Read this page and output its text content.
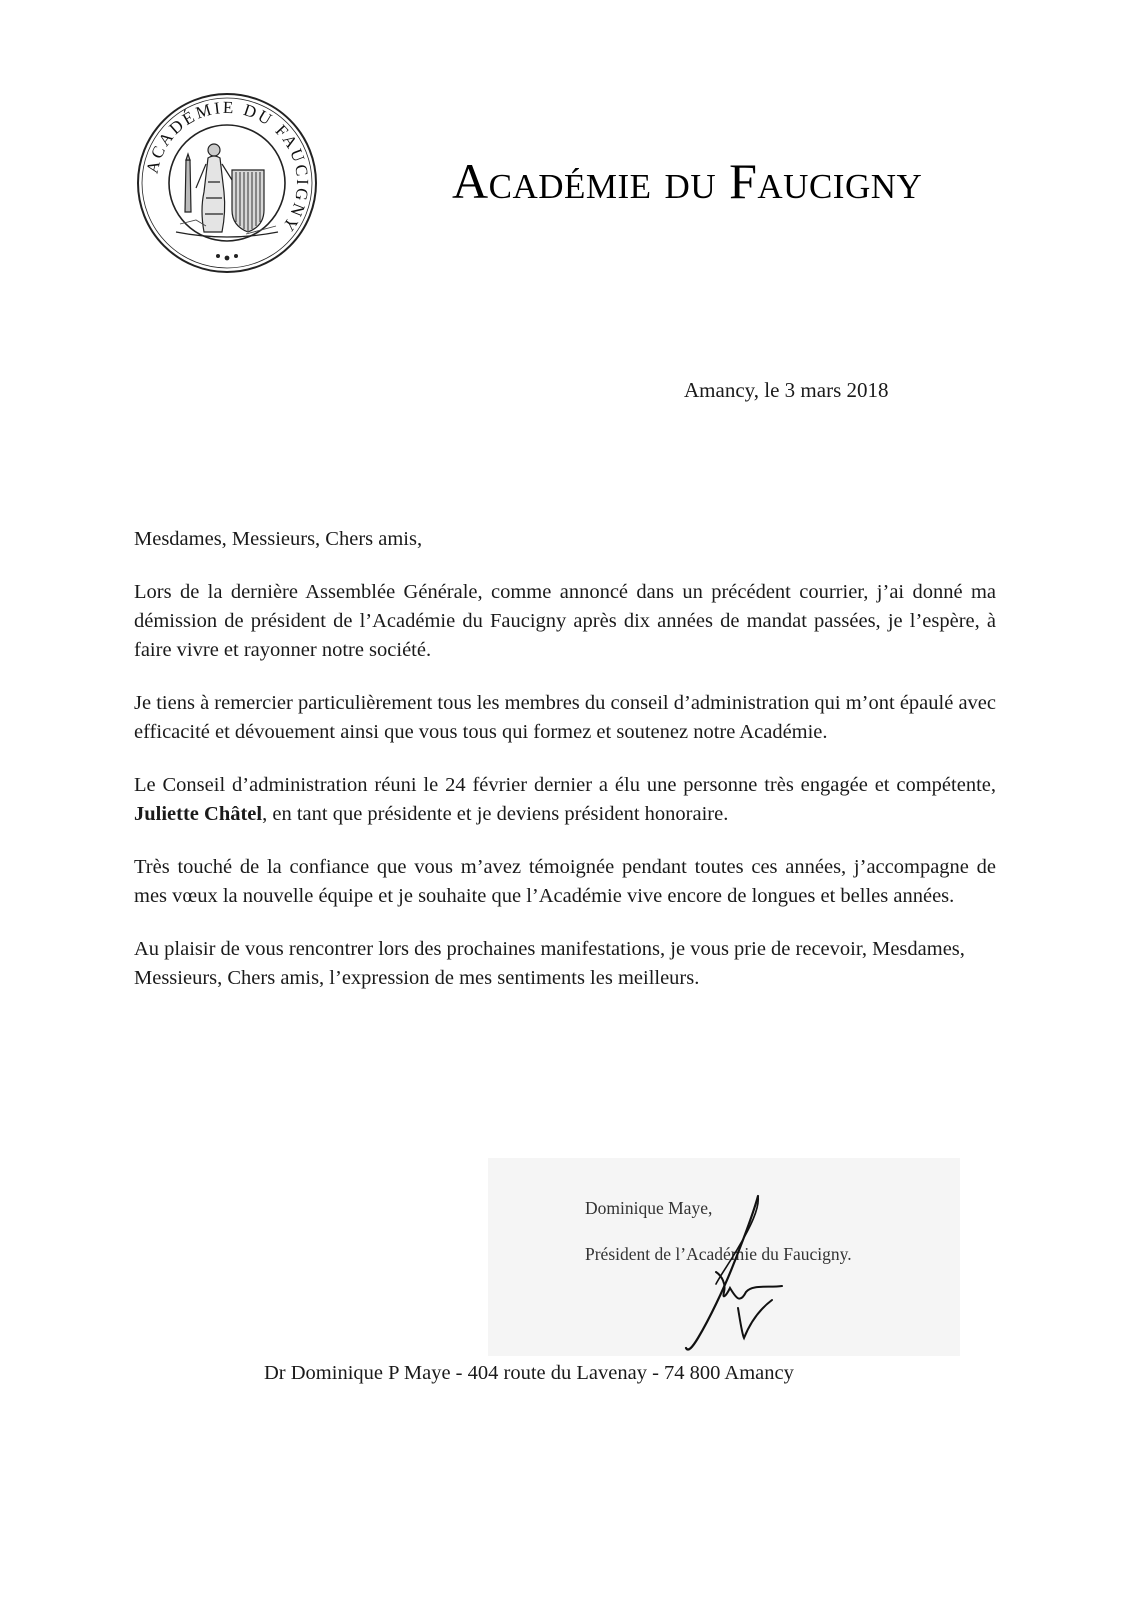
ACADÉMIE DU FAUCIGNY
Académie du Faucigny
Amancy, le 3 mars 2018

Mesdames, Messieurs, Chers amis,

Lors de la dernière Assemblée Générale, comme annoncé dans un précédent courrier, j’ai donné ma démission de président de l’Académie du Faucigny après dix années de mandat passées, je l’espère, à faire vivre et rayonner notre société.

Je tiens à remercier particulièrement tous les membres du conseil d’administration qui m’ont épaulé avec efficacité et dévouement ainsi que vous tous qui formez et soutenez notre Académie.

Le Conseil d’administration réuni le 24 février dernier a élu une personne très engagée et compétente, Juliette Châtel, en tant que présidente et je deviens président honoraire.

Très touché de la confiance que vous m’avez témoignée pendant toutes ces années, j’accompagne de mes vœux la nouvelle équipe et je souhaite que l’Académie vive encore de longues et belles années.

Au plaisir de vous rencontrer lors des prochaines manifestations, je vous prie de recevoir, Mesdames, Messieurs, Chers amis, l’expression de mes sentiments les meilleurs.

Dominique Maye,
Président de l’Académie du Faucigny.
Dr Dominique P Maye - 404 route du Lavenay - 74 800 Amancy
